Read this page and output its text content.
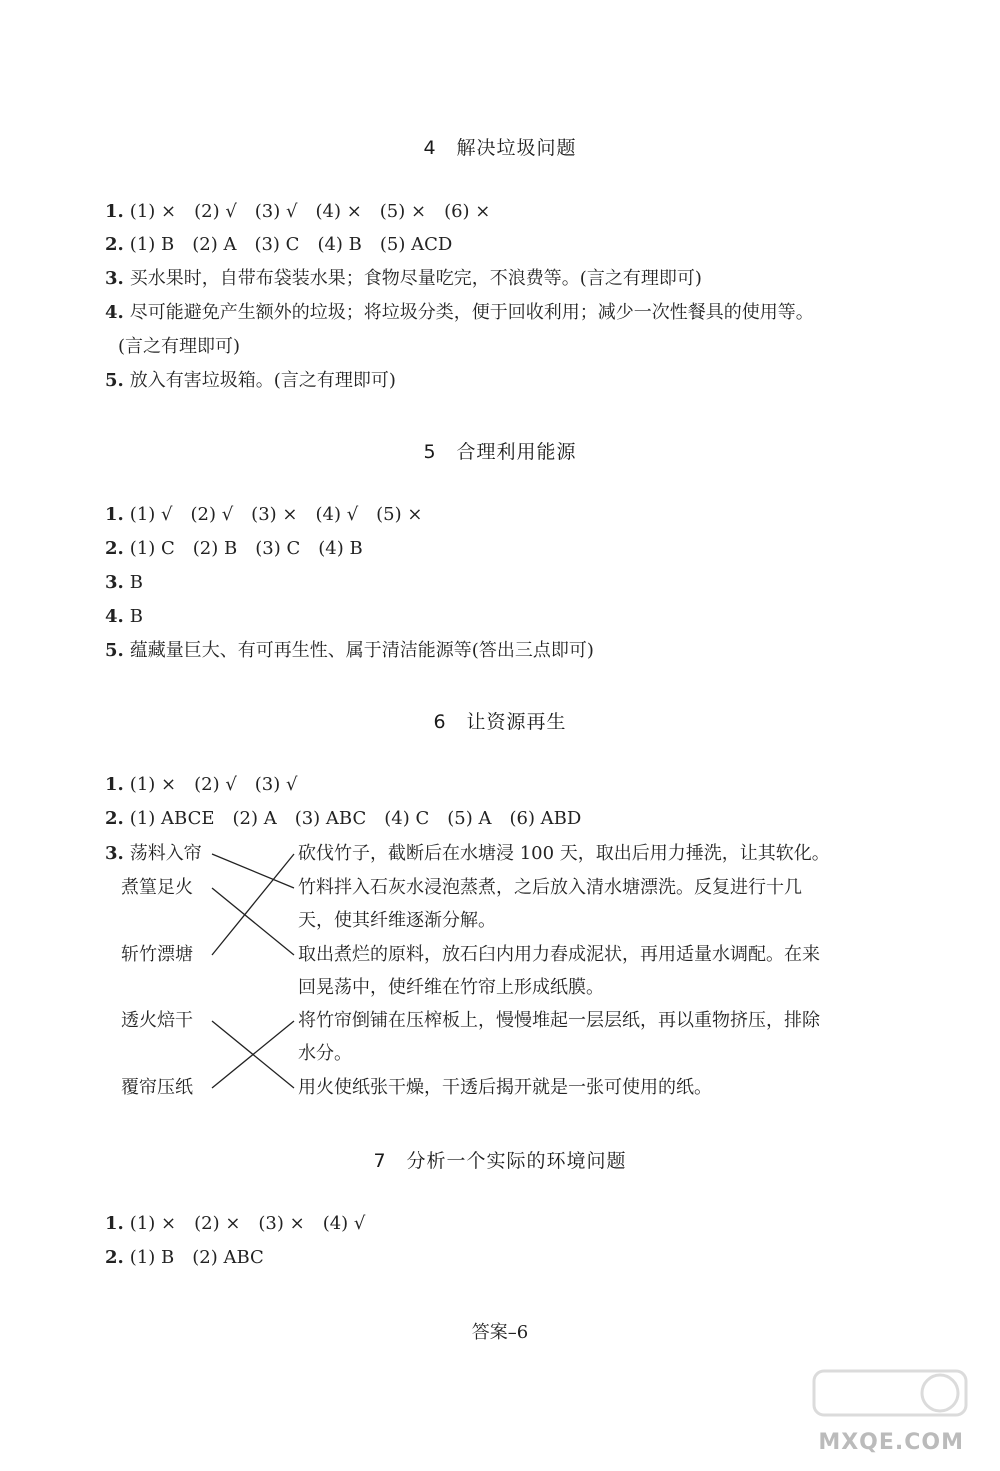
4　解决垃圾问题
1. (1) ×　(2) √　(3) √　(4) ×　(5) ×　(6) ×
2. (1) B　(2) A　(3) C　(4) B　(5) ACD
3. 买水果时，自带布袋装水果；食物尽量吃完，不浪费等。(言之有理即可)
4. 尽可能避免产生额外的垃圾；将垃圾分类，便于回收利用；减少一次性餐具的使用等。
(言之有理即可)
5. 放入有害垃圾箱。(言之有理即可)
5　合理利用能源
1. (1) √　(2) √　(3) ×　(4) √　(5) ×
2. (1) C　(2) B　(3) C　(4) B
3. B
4. B
5. 蕴藏量巨大、有可再生性、属于清洁能源等(答出三点即可)
6　让资源再生
1. (1) ×　(2) √　(3) √
2. (1) ABCE　(2) A　(3) ABC　(4) C　(5) A　(6) ABD
3. 荡料入帘
煮篁足火
斩竹漂塘
透火焙干
覆帘压纸
砍伐竹子，截断后在水塘浸 100 天，取出后用力捶洗，让其软化。
竹料拌入石灰水浸泡蒸煮，之后放入清水塘漂洗。反复进行十几
天，使其纤维逐渐分解。
取出煮烂的原料，放石臼内用力舂成泥状，再用适量水调配。在来
回晃荡中，使纤维在竹帘上形成纸膜。
将竹帘倒铺在压榨板上，慢慢堆起一层层纸，再以重物挤压，排除
水分。
用火使纸张干燥，干透后揭开就是一张可使用的纸。
7　分析一个实际的环境问题
1. (1) ×　(2) ×　(3) ×　(4) √
2. (1) B　(2) ABC
答案–6
MXQE.COM
